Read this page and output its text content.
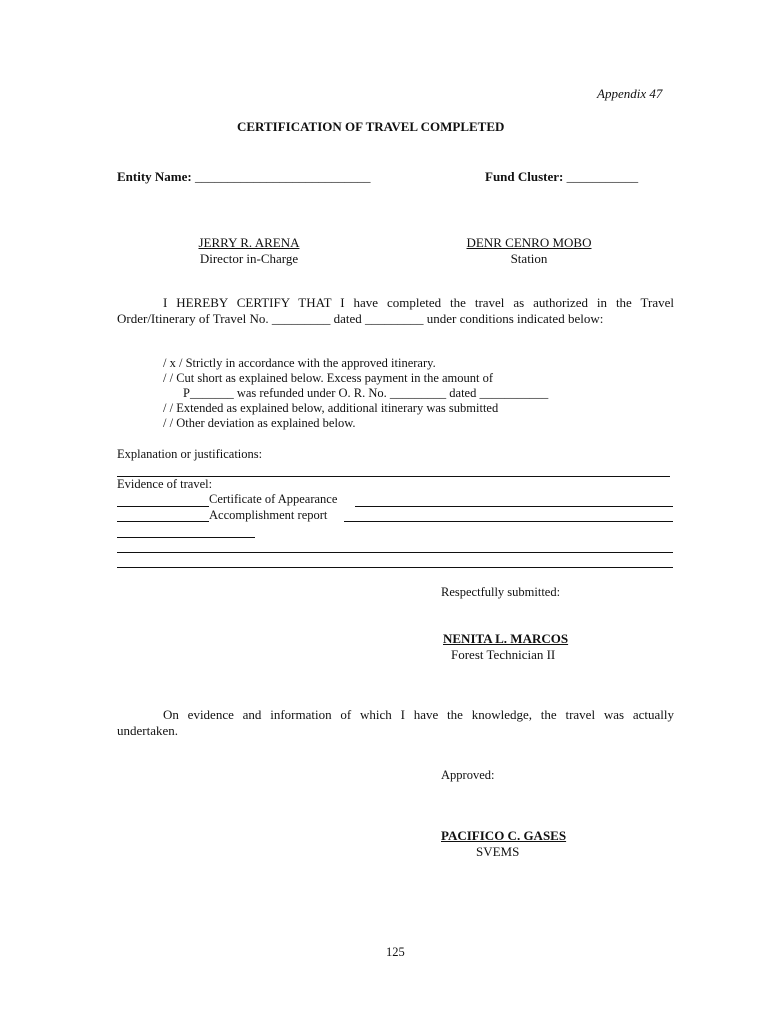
Appendix 47
CERTIFICATION OF TRAVEL COMPLETED
Entity Name: ___________________________	Fund Cluster: ___________
JERRY R. ARENA
Director in-Charge
DENR CENRO MOBO
Station
I HEREBY CERTIFY THAT I have completed the travel as authorized in the Travel
Order/Itinerary of Travel No. _________ dated _________ under conditions indicated below:
/ x / Strictly in accordance with the approved itinerary.
/ / Cut short as explained below. Excess payment in the amount of
P_______ was refunded under O. R. No. _________ dated ___________
/ / Extended as explained below, additional itinerary was submitted
/ / Other deviation as explained below.
Explanation or justifications:
Evidence of travel:
Certificate of Appearance
Accomplishment report
Respectfully submitted:
NENITA L. MARCOS
Forest Technician II
On evidence and information of which I have the knowledge, the travel was actually
undertaken.
Approved:
PACIFICO C. GASES
SVEMS
125
